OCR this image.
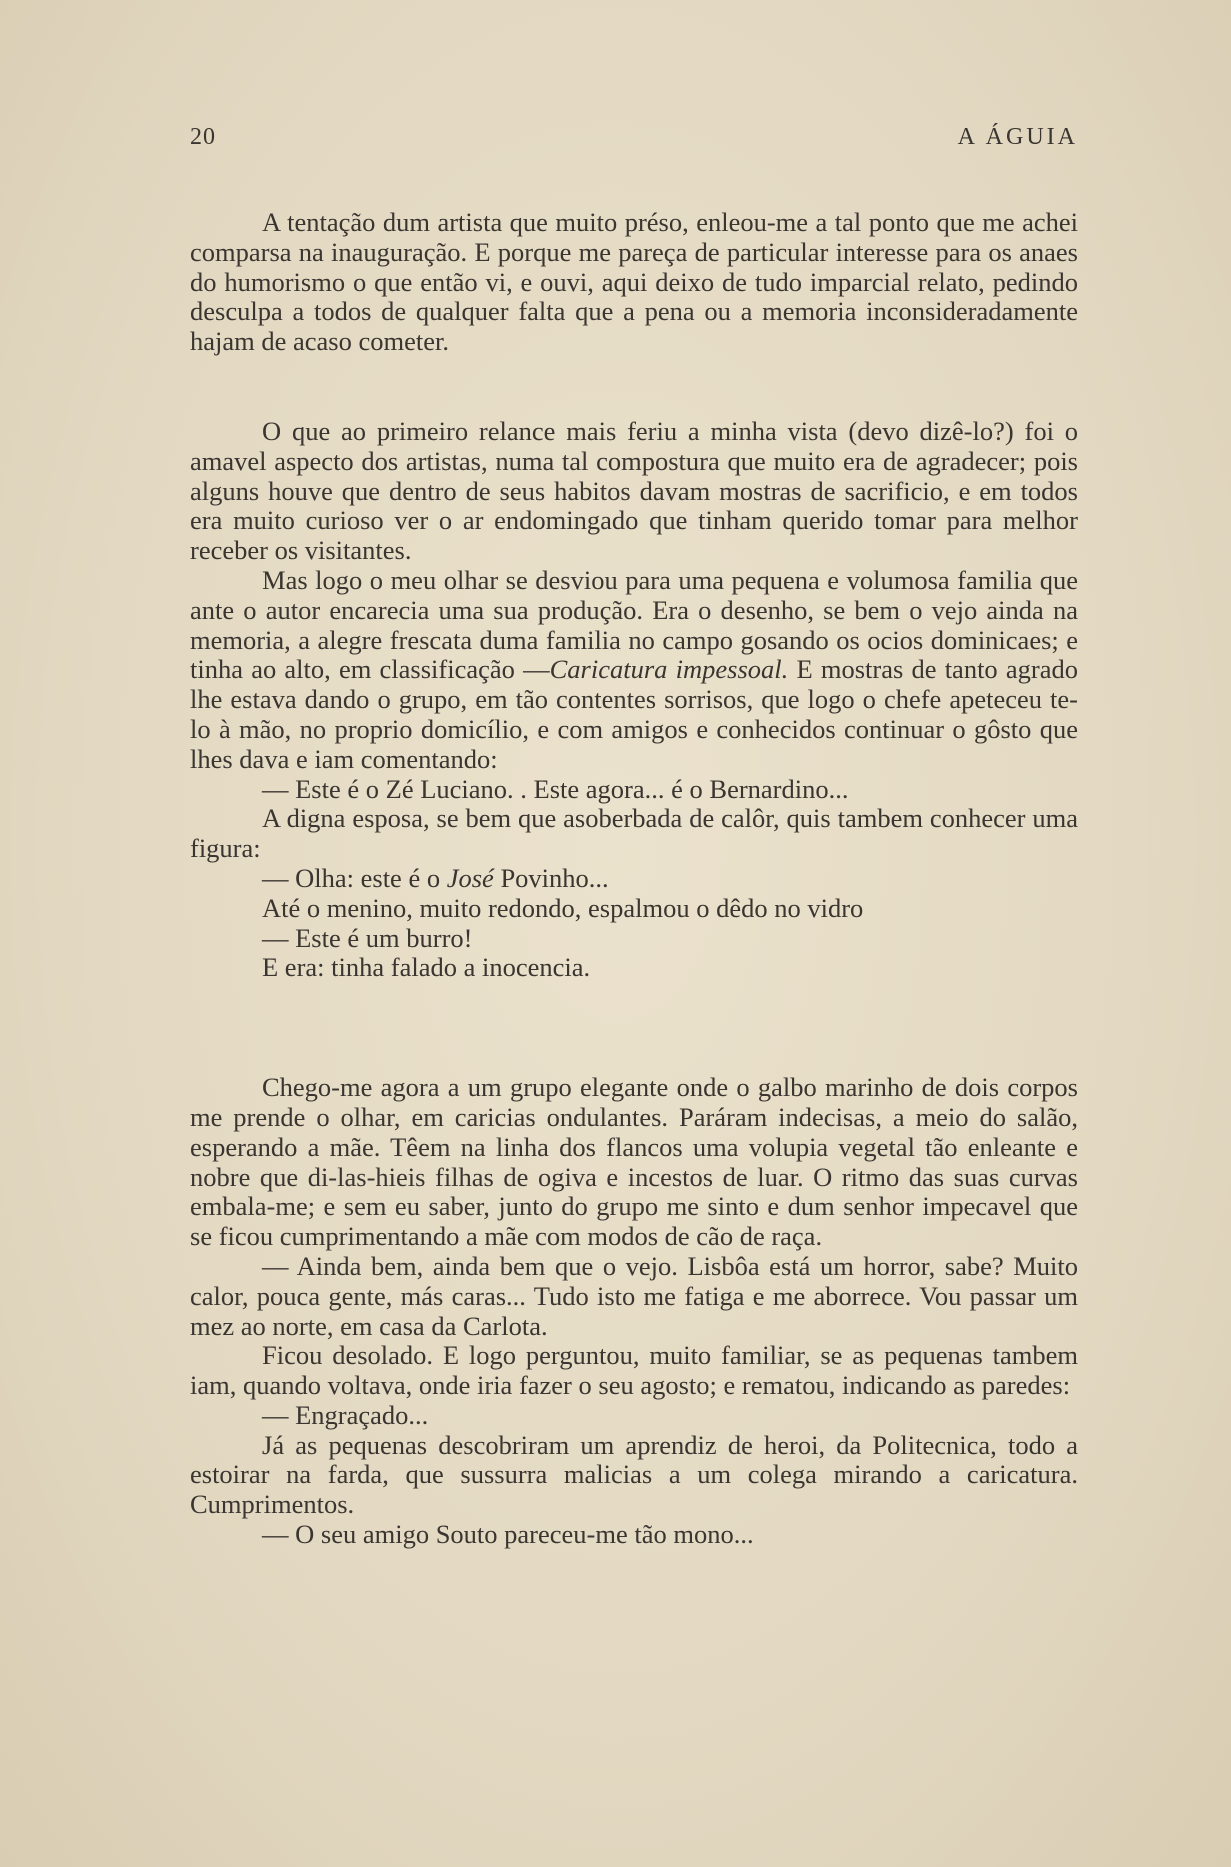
20	A ÁGUIA

A tentação dum artista que muito préso, enleou-me a tal ponto que me achei comparsa na inauguração. E porque me pareça de particular interesse para os anaes do humorismo o que então vi, e ouvi, aqui deixo de tudo imparcial relato, pedindo desculpa a todos de qualquer falta que a pena ou a memoria inconsideradamente hajam de acaso cometer.

O que ao primeiro relance mais feriu a minha vista (devo dizê-lo?) foi o amavel aspecto dos artistas, numa tal compostura que muito era de agradecer; pois alguns houve que dentro de seus habitos davam mostras de sacrificio, e em todos era muito curioso ver o ar endomingado que tinham querido tomar para melhor receber os visitantes.

Mas logo o meu olhar se desviou para uma pequena e volumosa familia que ante o autor encarecia uma sua produção. Era o desenho, se bem o vejo ainda na memoria, a alegre frescata duma familia no campo gosando os ocios dominicaes; e tinha ao alto, em classificação —Caricatura impessoal. E mostras de tanto agrado lhe estava dando o grupo, em tão contentes sorrisos, que logo o chefe apeteceu te-lo à mão, no proprio domicílio, e com amigos e conhecidos continuar o gôsto que lhes dava e iam comentando:

— Este é o Zé Luciano. . Este agora... é o Bernardino...

A digna esposa, se bem que asoberbada de calôr, quis tambem conhecer uma figura:

— Olha: este é o José Povinho...

Até o menino, muito redondo, espalmou o dêdo no vidro

— Este é um burro!

E era: tinha falado a inocencia.

Chego-me agora a um grupo elegante onde o galbo marinho de dois corpos me prende o olhar, em caricias ondulantes. Paráram indecisas, a meio do salão, esperando a mãe. Têem na linha dos flancos uma volupia vegetal tão enleante e nobre que di-las-hieis filhas de ogiva e incestos de luar. O ritmo das suas curvas embala-me; e sem eu saber, junto do grupo me sinto e dum senhor impecavel que se ficou cumprimentando a mãe com modos de cão de raça.

— Ainda bem, ainda bem que o vejo. Lisbôa está um horror, sabe? Muito calor, pouca gente, más caras... Tudo isto me fatiga e me aborrece. Vou passar um mez ao norte, em casa da Carlota.

Ficou desolado. E logo perguntou, muito familiar, se as pequenas tambem iam, quando voltava, onde iria fazer o seu agosto; e rematou, indicando as paredes:

— Engraçado...

Já as pequenas descobriram um aprendiz de heroi, da Politecnica, todo a estoirar na farda, que sussurra malicias a um colega mirando a caricatura. Cumprimentos.

— O seu amigo Souto pareceu-me tão mono...
